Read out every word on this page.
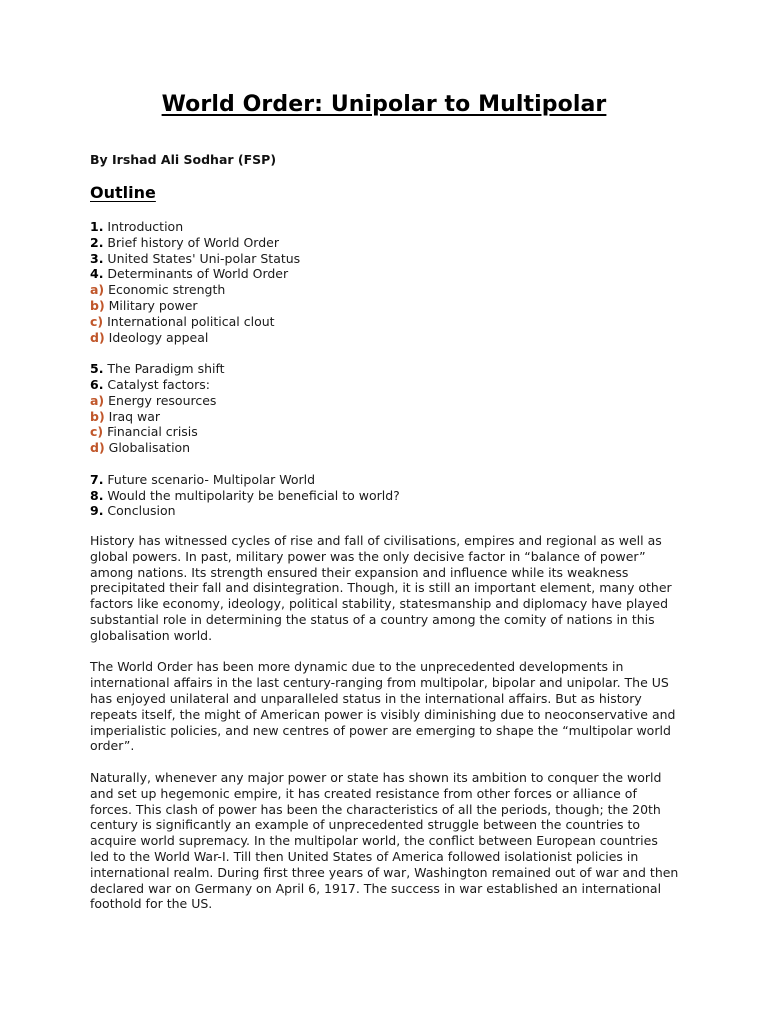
World Order: Unipolar to Multipolar

By Irshad Ali Sodhar (FSP)

Outline
1. Introduction
2. Brief history of World Order
3. United States' Uni-polar Status
4. Determinants of World Order
a) Economic strength
b) Military power
c) International political clout
d) Ideology appeal
5. The Paradigm shift
6. Catalyst factors:
a) Energy resources
b) Iraq war
c) Financial crisis
d) Globalisation
7. Future scenario- Multipolar World
8. Would the multipolarity be beneficial to world?
9. Conclusion

History has witnessed cycles of rise and fall of civilisations, empires and regional as well as global powers. In past, military power was the only decisive factor in “balance of power” among nations. Its strength ensured their expansion and influence while its weakness precipitated their fall and disintegration. Though, it is still an important element, many other factors like economy, ideology, political stability, statesmanship and diplomacy have played substantial role in determining the status of a country among the comity of nations in this globalisation world.

The World Order has been more dynamic due to the unprecedented developments in international affairs in the last century-ranging from multipolar, bipolar and unipolar. The US has enjoyed unilateral and unparalleled status in the international affairs. But as history repeats itself, the might of American power is visibly diminishing due to neoconservative and imperialistic policies, and new centres of power are emerging to shape the “multipolar world order”.

Naturally, whenever any major power or state has shown its ambition to conquer the world and set up hegemonic empire, it has created resistance from other forces or alliance of forces. This clash of power has been the characteristics of all the periods, though; the 20th century is significantly an example of unprecedented struggle between the countries to acquire world supremacy. In the multipolar world, the conflict between European countries led to the World War-I. Till then United States of America followed isolationist policies in international realm. During first three years of war, Washington remained out of war and then declared war on Germany on April 6, 1917. The success in war established an international foothold for the US.
